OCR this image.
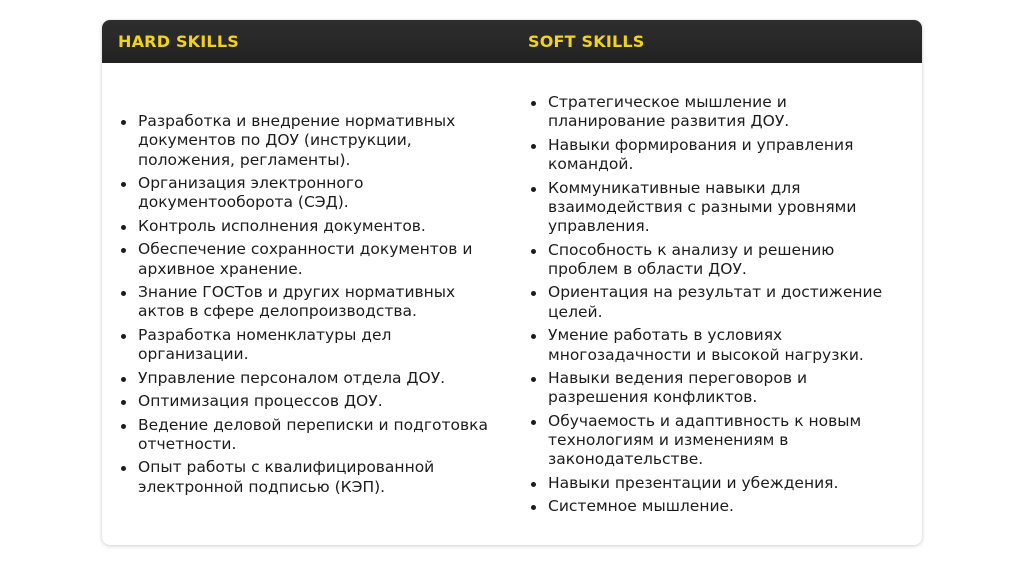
HARD SKILLS	SOFT SKILLS
Разработка и внедрение нормативных документов по ДОУ (инструкции, положения, регламенты).
Организация электронного документооборота (СЭД).
Контроль исполнения документов.
Обеспечение сохранности документов и архивное хранение.
Знание ГОСТов и других нормативных актов в сфере делопроизводства.
Разработка номенклатуры дел организации.
Управление персоналом отдела ДОУ.
Оптимизация процессов ДОУ.
Ведение деловой переписки и подготовка отчетности.
Опыт работы с квалифицированной электронной подписью (КЭП).
Стратегическое мышление и планирование развития ДОУ.
Навыки формирования и управления командой.
Коммуникативные навыки для взаимодействия с разными уровнями управления.
Способность к анализу и решению проблем в области ДОУ.
Ориентация на результат и достижение целей.
Умение работать в условиях многозадачности и высокой нагрузки.
Навыки ведения переговоров и разрешения конфликтов.
Обучаемость и адаптивность к новым технологиям и изменениям в законодательстве.
Навыки презентации и убеждения.
Системное мышление.
